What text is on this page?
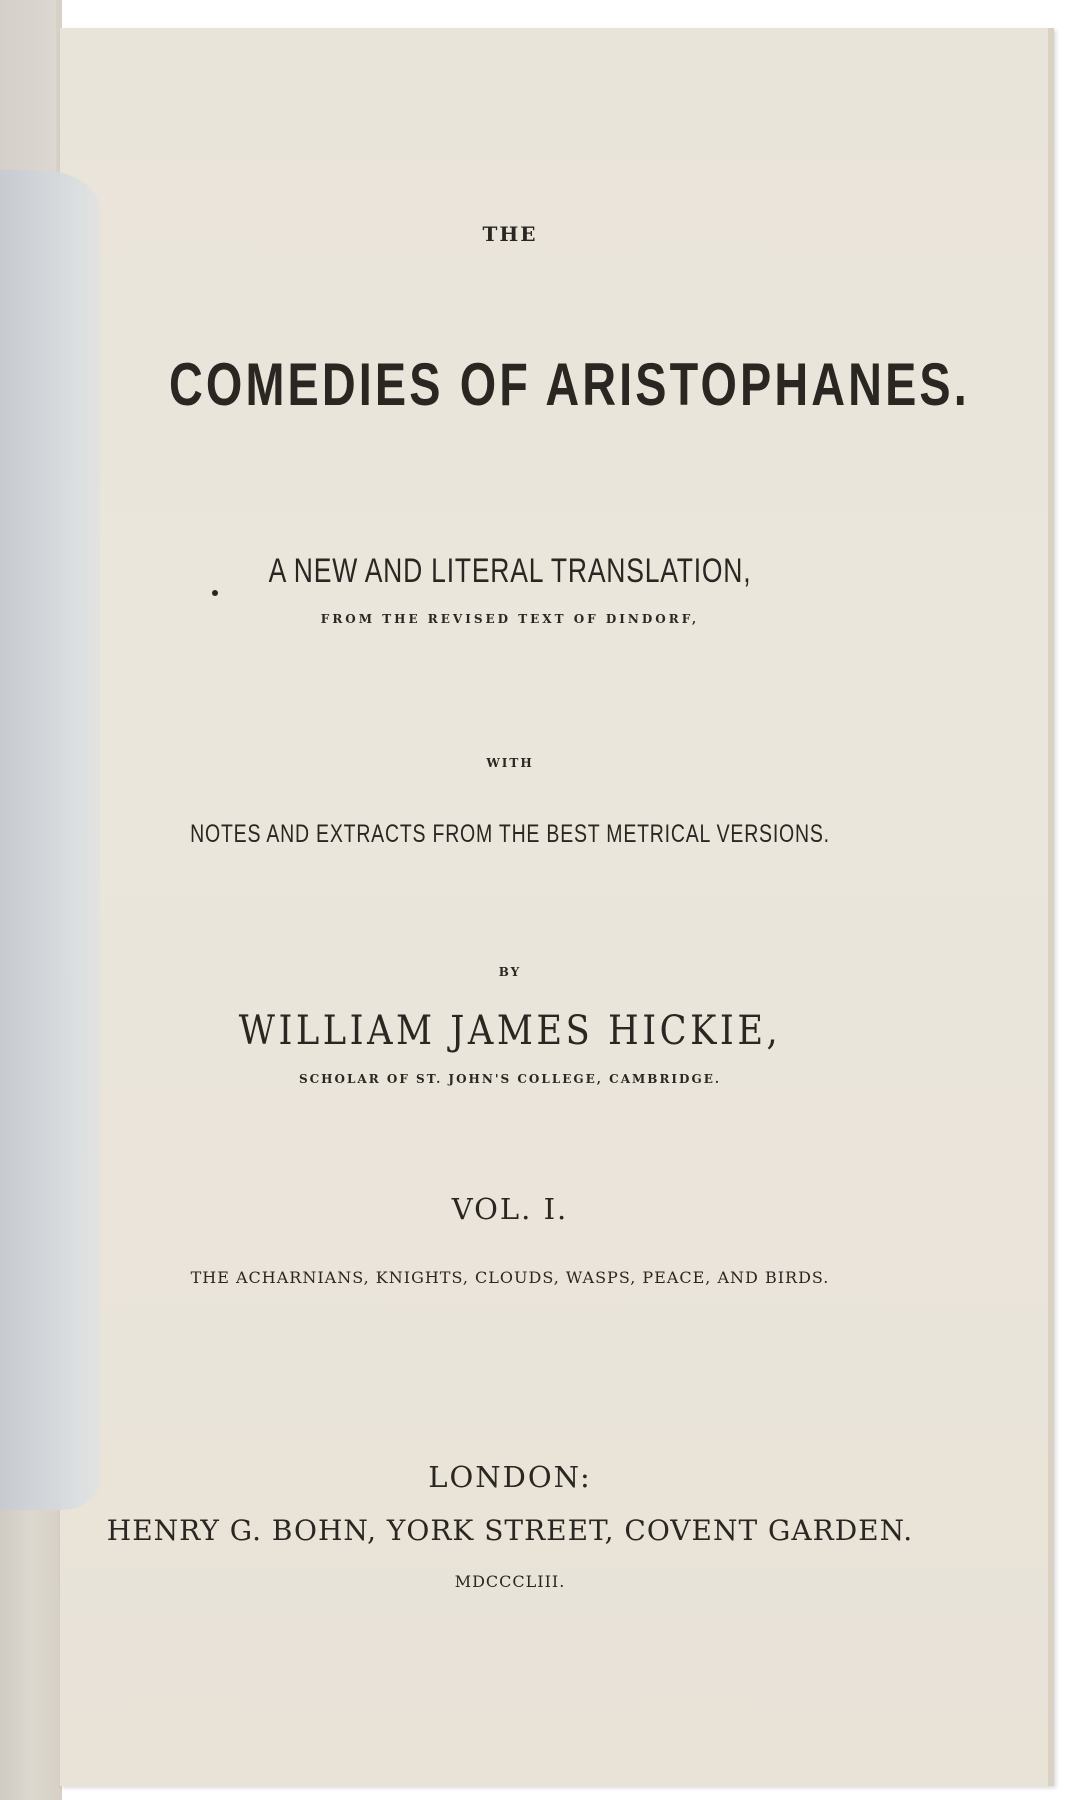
THE
COMEDIES OF ARISTOPHANES.
A NEW AND LITERAL TRANSLATION,
FROM THE REVISED TEXT OF DINDORF,
WITH
NOTES AND EXTRACTS FROM THE BEST METRICAL VERSIONS.
BY
WILLIAM JAMES HICKIE,
SCHOLAR OF ST. JOHN'S COLLEGE, CAMBRIDGE.
VOL. I.
THE ACHARNIANS, KNIGHTS, CLOUDS, WASPS, PEACE, AND BIRDS.
LONDON:
HENRY G. BOHN, YORK STREET, COVENT GARDEN.
MDCCCLIII.
